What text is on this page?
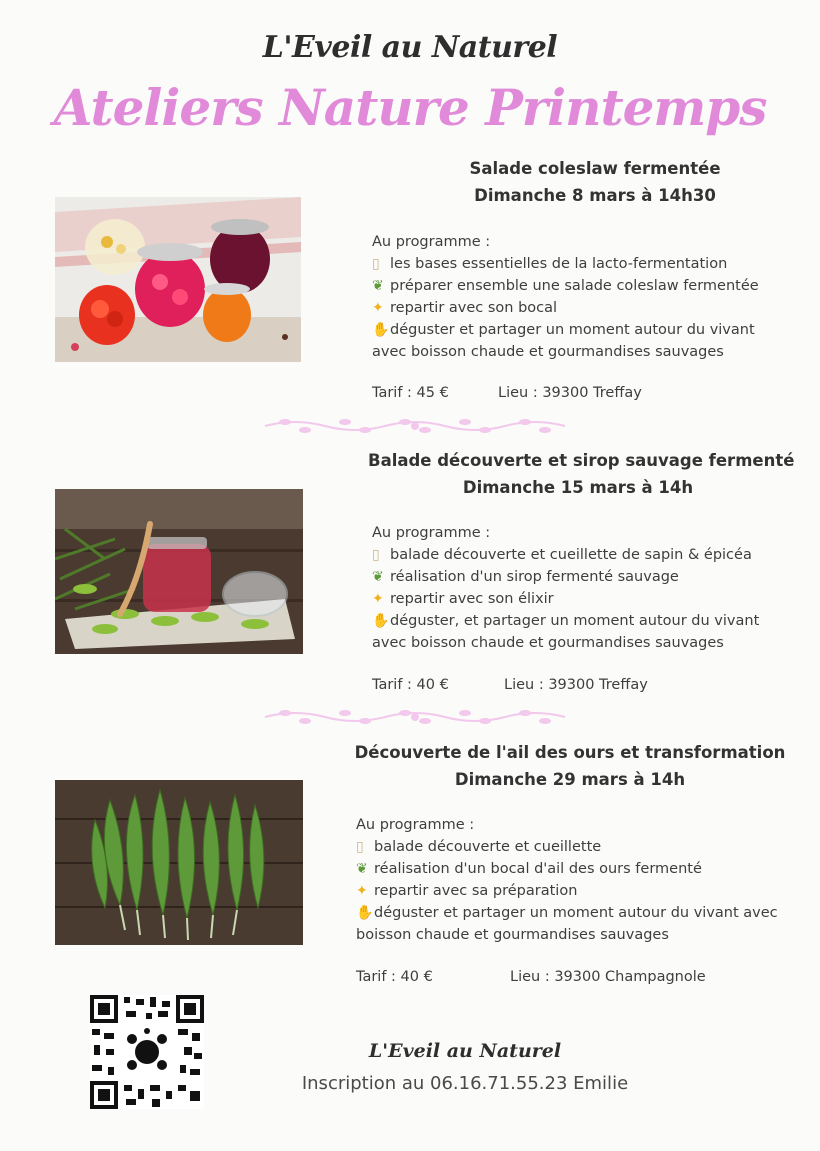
L'Eveil au Naturel
Ateliers Nature Printemps
Salade coleslaw fermentée
Dimanche 8 mars à 14h30
Au programme :
▯ les bases essentielles de la lacto-fermentation
❦ préparer ensemble une salade coleslaw fermentée
✦ repartir avec son bocal
✋déguster et partager un moment autour du vivant avec boisson chaude et gourmandises sauvages
Tarif : 45 €	Lieu : 39300 Treffay
Balade découverte et sirop sauvage fermenté
Dimanche 15 mars à 14h
Au programme :
▯ balade découverte et cueillette de sapin & épicéa
❦ réalisation d'un sirop fermenté sauvage
✦ repartir avec son élixir
✋déguster, et partager un moment autour du vivant avec boisson chaude et gourmandises sauvages
Tarif : 40 €	Lieu : 39300 Treffay
Découverte de l'ail des ours et transformation
Dimanche 29 mars à 14h
Au programme :
▯ balade découverte et cueillette
❦ réalisation d'un bocal d'ail des ours fermenté
✦ repartir avec sa préparation
✋déguster et partager un moment autour du vivant avec boisson chaude et gourmandises sauvages
Tarif : 40 €	Lieu : 39300 Champagnole
L'Eveil au Naturel
Inscription au 06.16.71.55.23 Emilie
